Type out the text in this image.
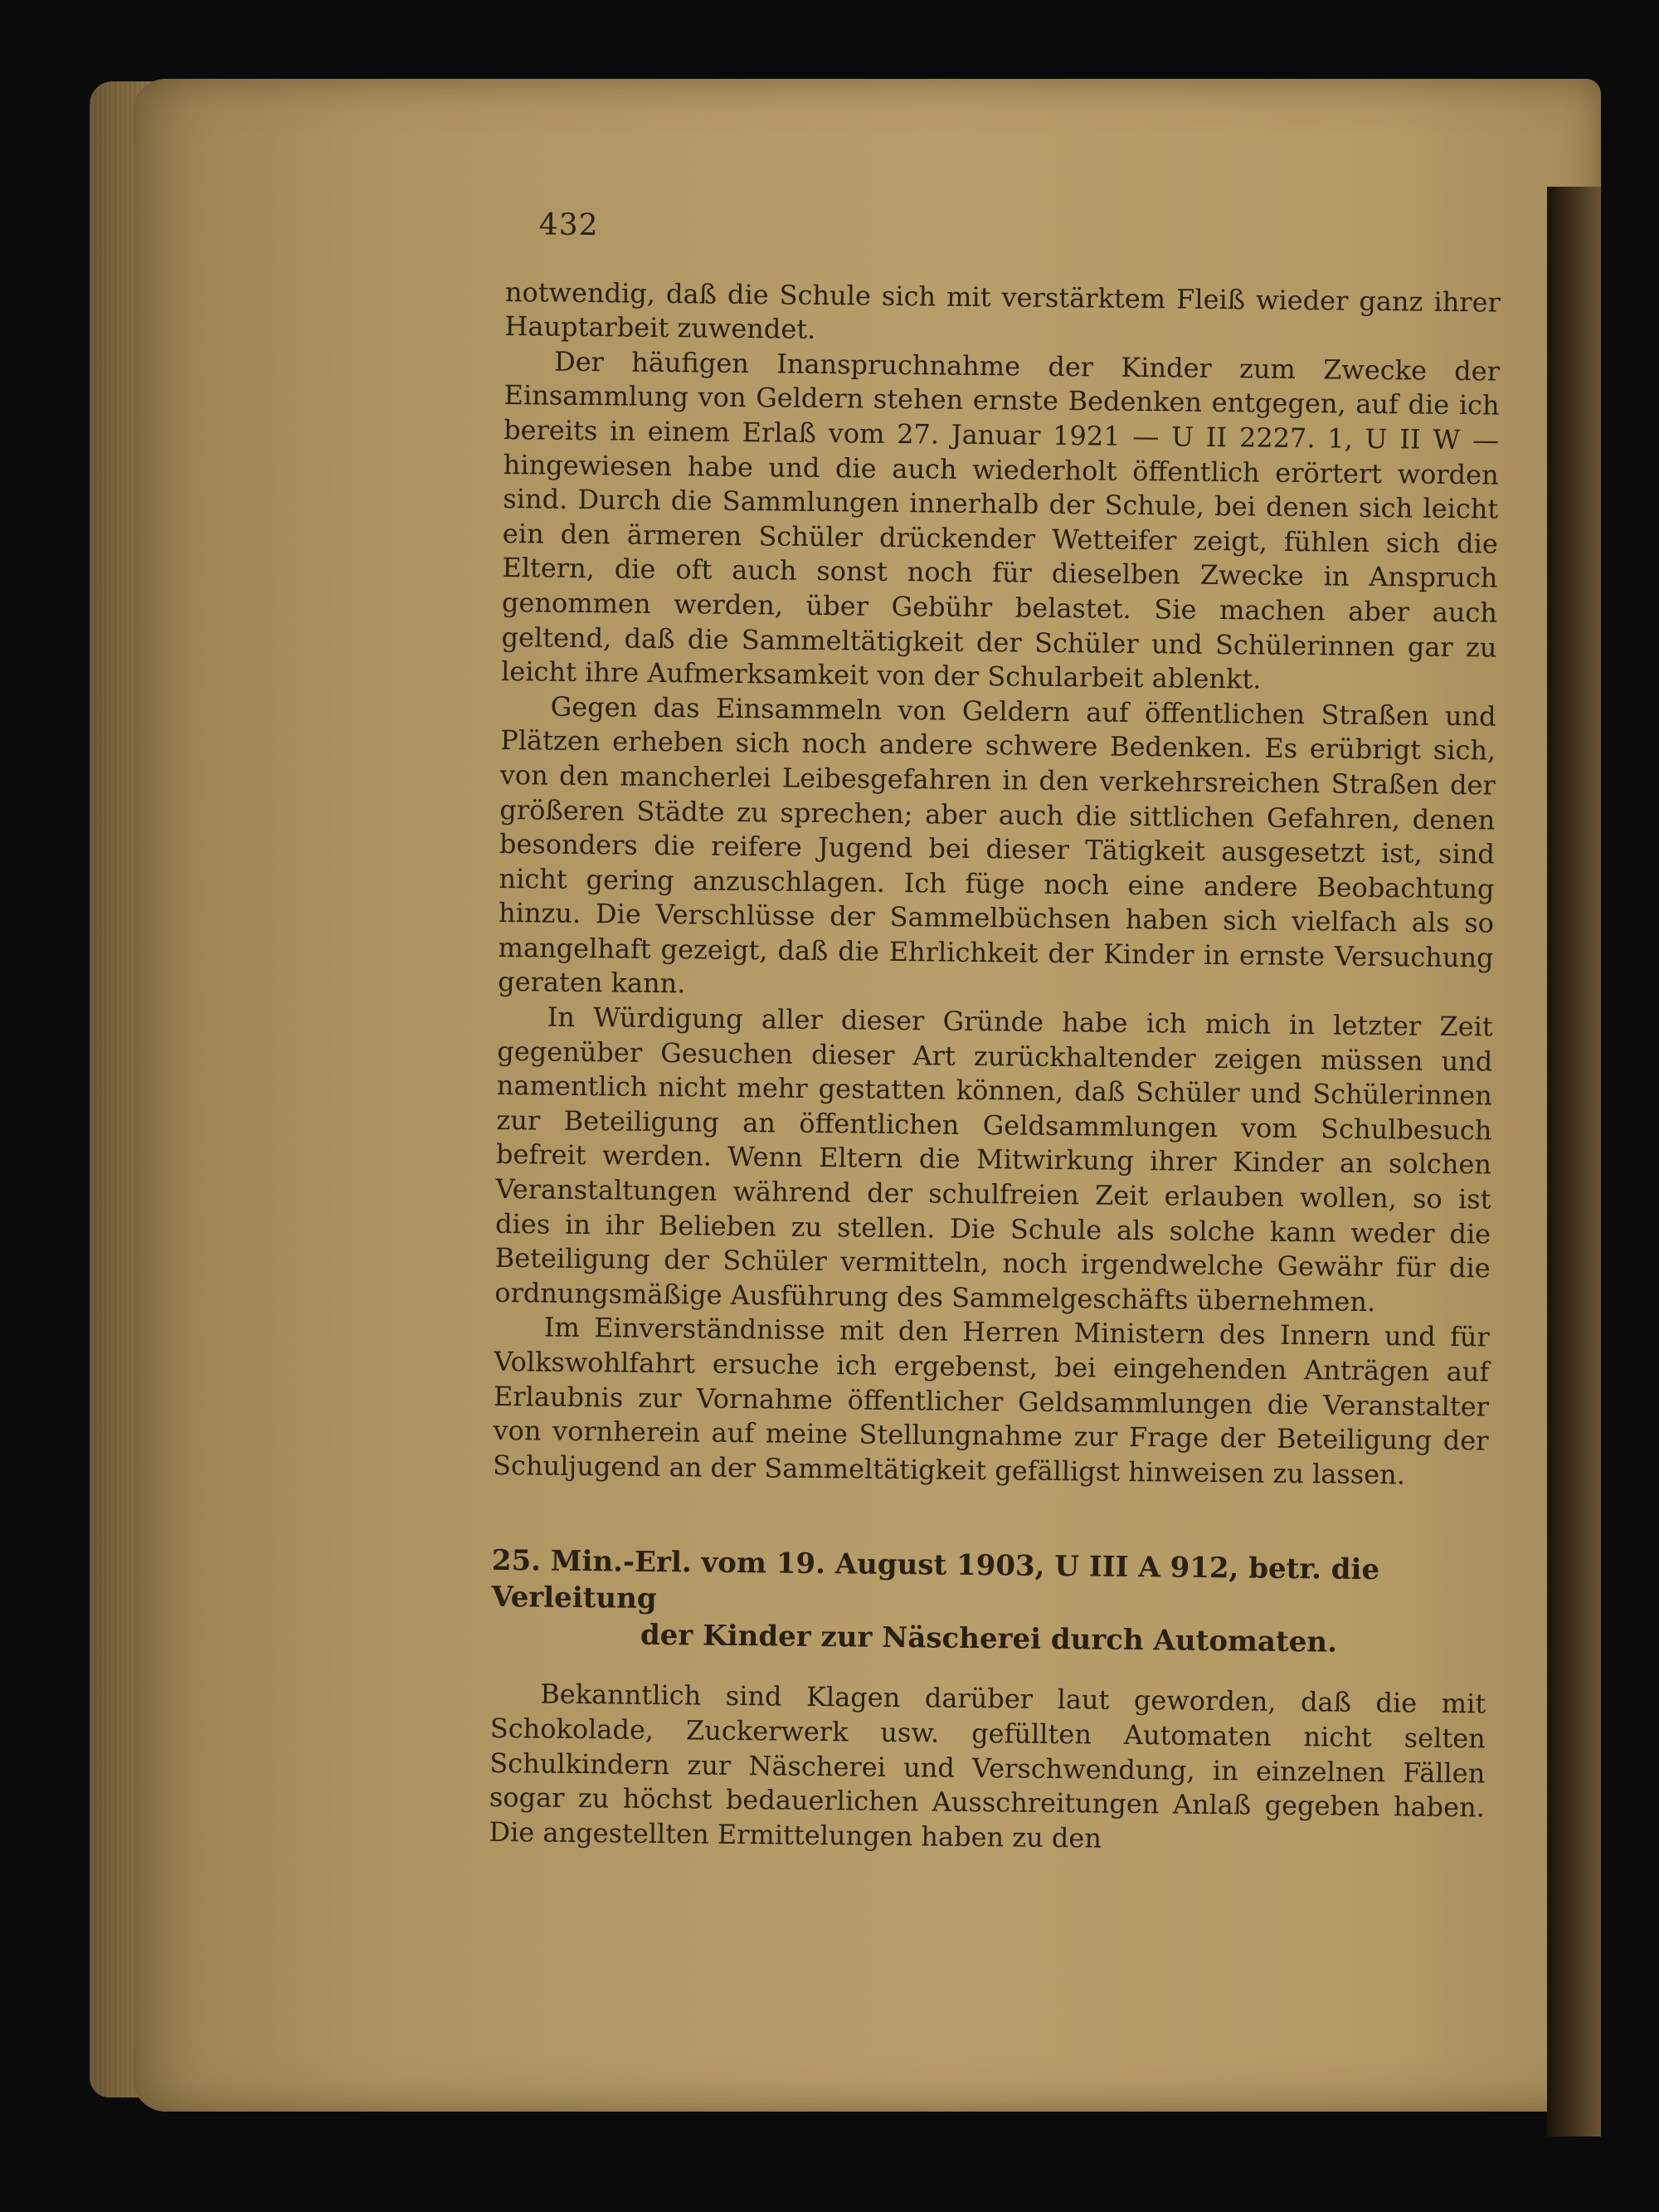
432

notwendig, daß die Schule sich mit verstärktem Fleiß wieder ganz ihrer Hauptarbeit zuwendet.

Der häufigen Inanspruchnahme der Kinder zum Zwecke der Einsammlung von Geldern stehen ernste Bedenken entgegen, auf die ich bereits in einem Erlaß vom 27. Januar 1921 — U II 2227. 1, U II W — hingewiesen habe und die auch wiederholt öffentlich erörtert worden sind. Durch die Sammlungen innerhalb der Schule, bei denen sich leicht ein den ärmeren Schüler drückender Wetteifer zeigt, fühlen sich die Eltern, die oft auch sonst noch für dieselben Zwecke in Anspruch genommen werden, über Gebühr belastet. Sie machen aber auch geltend, daß die Sammeltätigkeit der Schüler und Schülerinnen gar zu leicht ihre Aufmerksamkeit von der Schularbeit ablenkt.

Gegen das Einsammeln von Geldern auf öffentlichen Straßen und Plätzen erheben sich noch andere schwere Bedenken. Es erübrigt sich, von den mancherlei Leibesgefahren in den verkehrsreichen Straßen der größeren Städte zu sprechen; aber auch die sittlichen Gefahren, denen besonders die reifere Jugend bei dieser Tätigkeit ausgesetzt ist, sind nicht gering anzuschlagen. Ich füge noch eine andere Beobachtung hinzu. Die Verschlüsse der Sammelbüchsen haben sich vielfach als so mangelhaft gezeigt, daß die Ehrlichkeit der Kinder in ernste Versuchung geraten kann.

In Würdigung aller dieser Gründe habe ich mich in letzter Zeit gegenüber Gesuchen dieser Art zurückhaltender zeigen müssen und namentlich nicht mehr gestatten können, daß Schüler und Schülerinnen zur Beteiligung an öffentlichen Geldsammlungen vom Schulbesuch befreit werden. Wenn Eltern die Mitwirkung ihrer Kinder an solchen Veranstaltungen während der schulfreien Zeit erlauben wollen, so ist dies in ihr Belieben zu stellen. Die Schule als solche kann weder die Beteiligung der Schüler vermitteln, noch irgendwelche Gewähr für die ordnungsmäßige Ausführung des Sammelgeschäfts übernehmen.

Im Einverständnisse mit den Herren Ministern des Innern und für Volkswohlfahrt ersuche ich ergebenst, bei eingehenden Anträgen auf Erlaubnis zur Vornahme öffentlicher Geldsammlungen die Veranstalter von vornherein auf meine Stellungnahme zur Frage der Beteiligung der Schuljugend an der Sammeltätigkeit gefälligst hinweisen zu lassen.

25. Min.-Erl. vom 19. August 1903, U III A 912, betr. die Verleitung
der Kinder zur Näscherei durch Automaten.

Bekanntlich sind Klagen darüber laut geworden, daß die mit Schokolade, Zuckerwerk usw. gefüllten Automaten nicht selten Schulkindern zur Näscherei und Verschwendung, in einzelnen Fällen sogar zu höchst bedauerlichen Ausschreitungen Anlaß gegeben haben. Die angestellten Ermittelungen haben zu den
